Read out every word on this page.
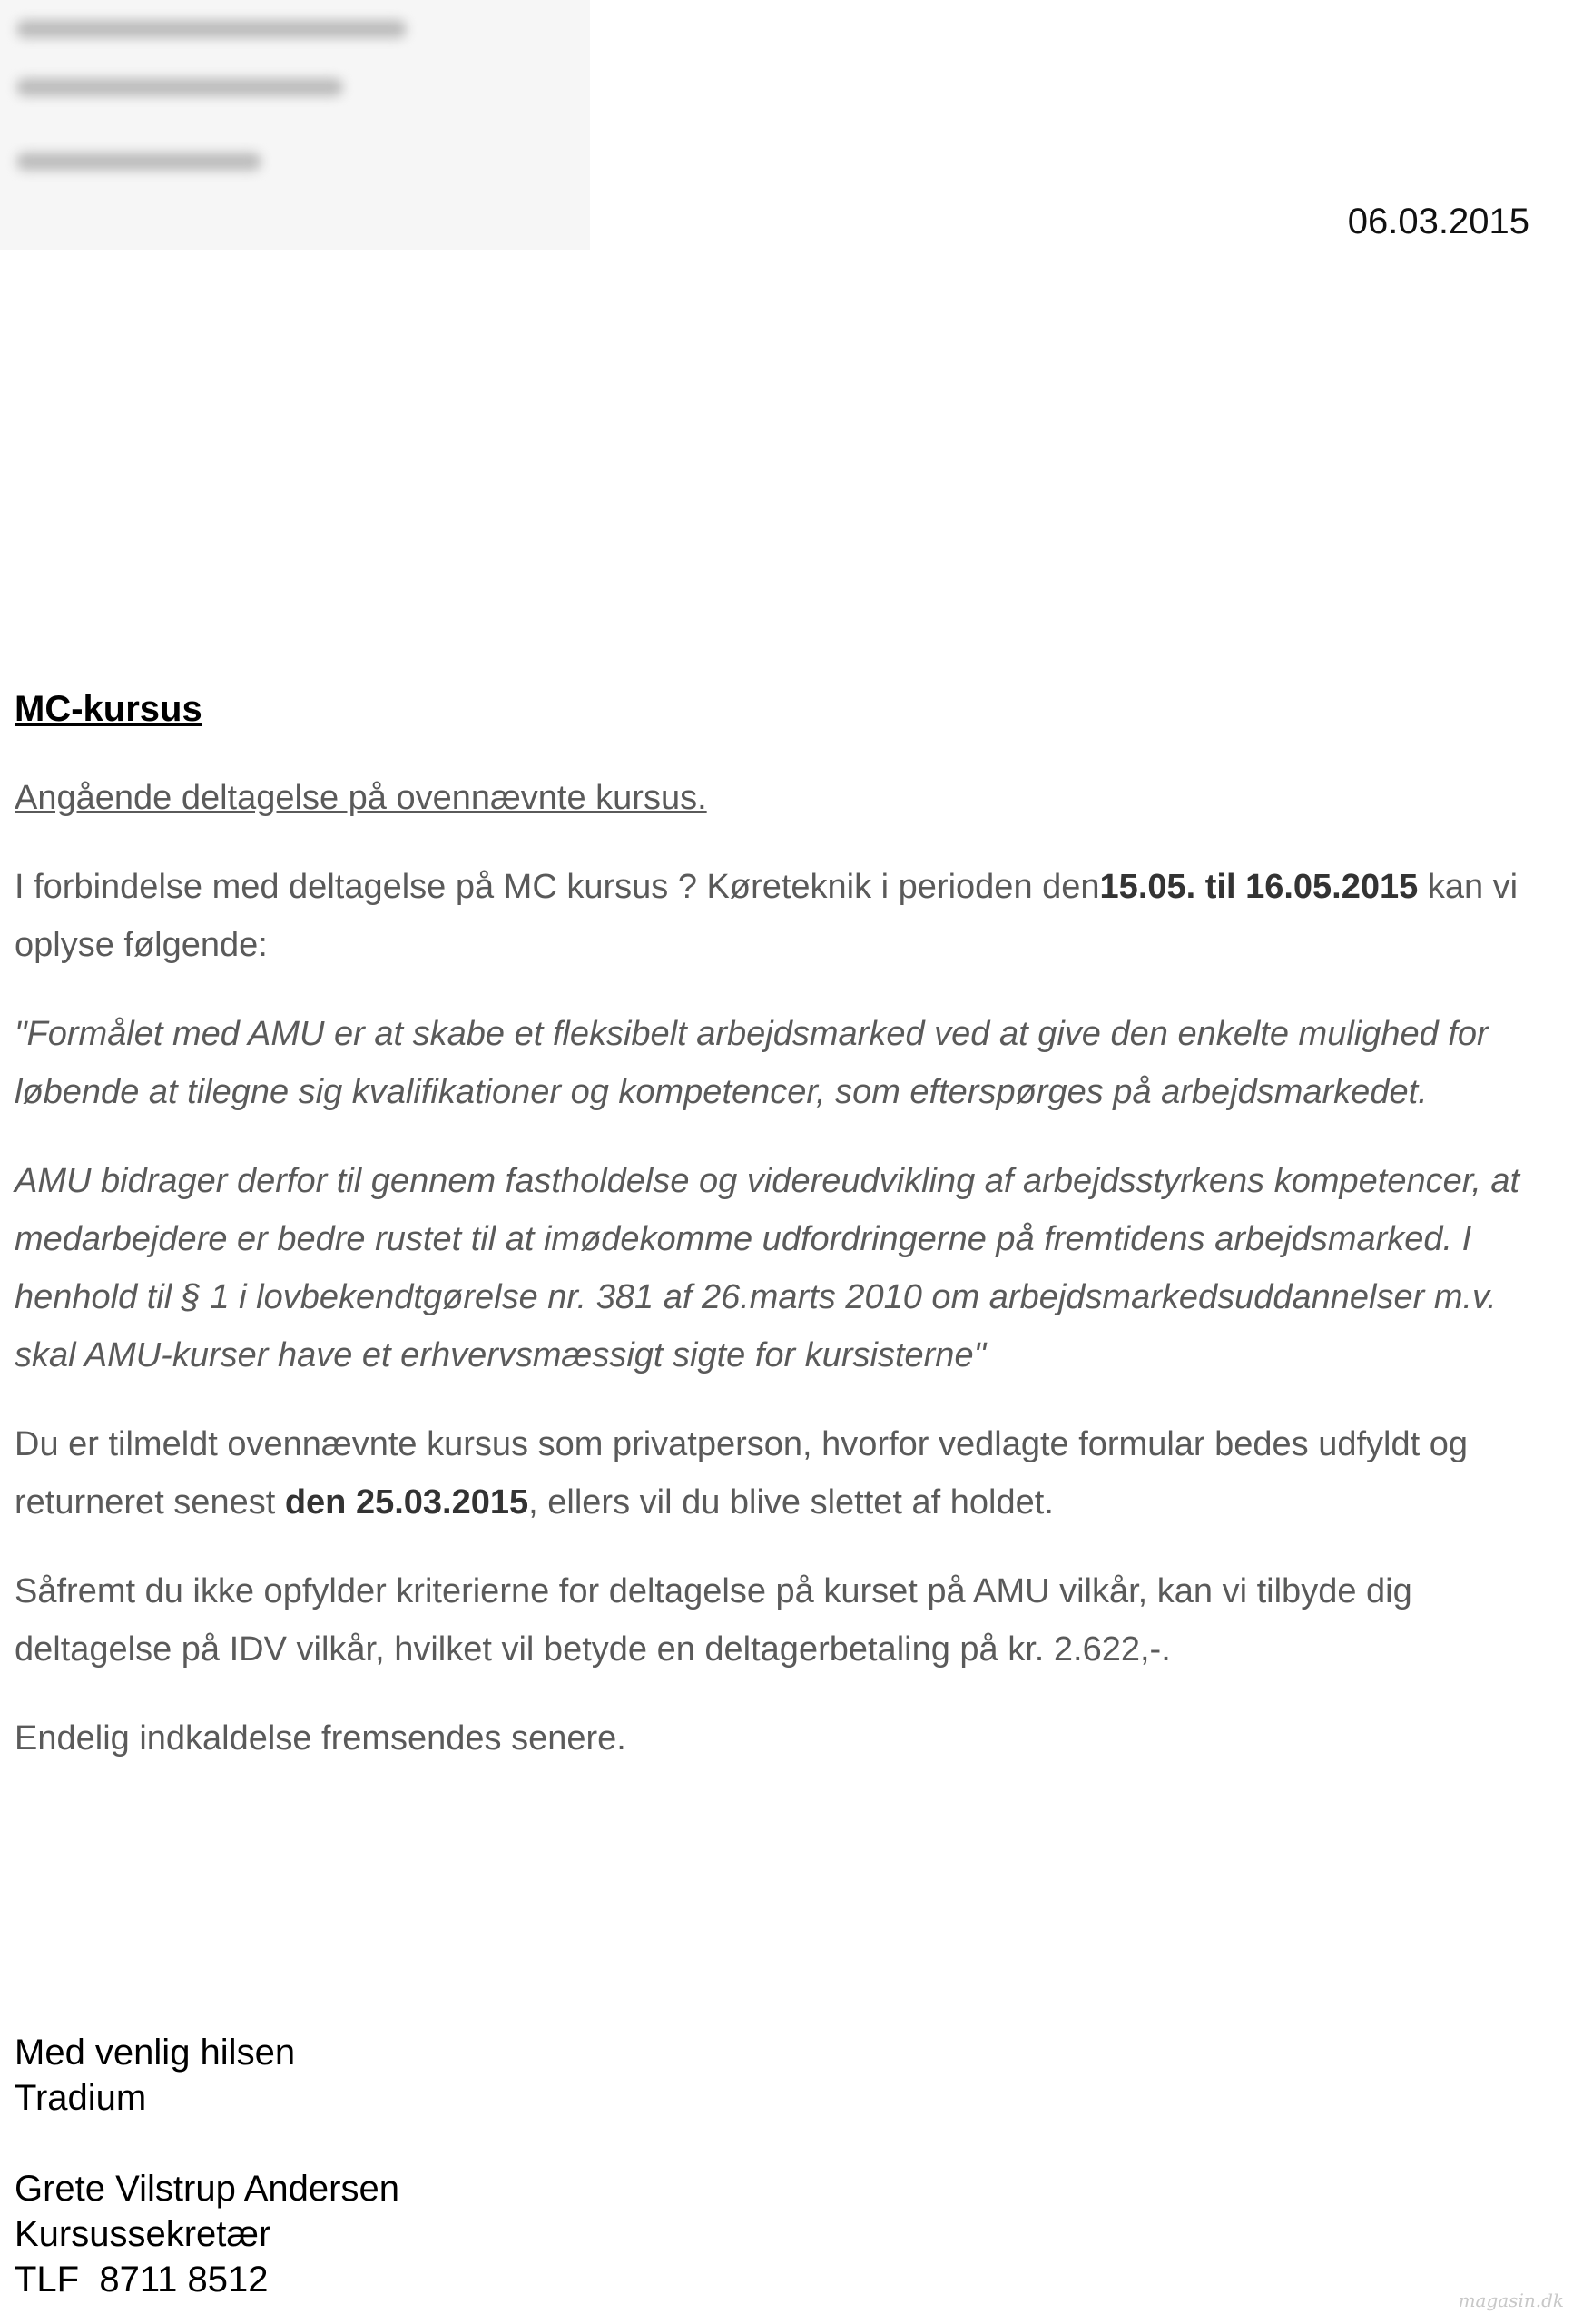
06.03.2015
MC-kursus

Angående deltagelse på ovennævnte kursus.

I forbindelse med deltagelse på MC kursus ? Køreteknik i perioden den15.05. til 16.05.2015 kan vi oplyse følgende:

"Formålet med AMU er at skabe et fleksibelt arbejdsmarked ved at give den enkelte mulighed for løbende at tilegne sig kvalifikationer og kompetencer, som efterspørges på arbejdsmarkedet.

AMU bidrager derfor til gennem fastholdelse og videreudvikling af arbejdsstyrkens kompetencer, at medarbejdere er bedre rustet til at imødekomme udfordringerne på fremtidens arbejdsmarked. I henhold til § 1 i lovbekendtgørelse nr. 381 af 26.marts 2010 om arbejdsmarkedsuddannelser m.v. skal AMU-kurser have et erhvervsmæssigt sigte for kursisterne"

Du er tilmeldt ovennævnte kursus som privatperson, hvorfor vedlagte formular bedes udfyldt og returneret senest den 25.03.2015, ellers vil du blive slettet af holdet.

Såfremt du ikke opfylder kriterierne for deltagelse på kurset på AMU vilkår, kan vi tilbyde dig deltagelse på IDV vilkår, hvilket vil betyde en deltagerbetaling på kr. 2.622,-.

Endelig indkaldelse fremsendes senere.

Med venlig hilsen
Tradium
Grete Vilstrup Andersen
Kursussekretær
TLF  8711 8512
magasin.dk
